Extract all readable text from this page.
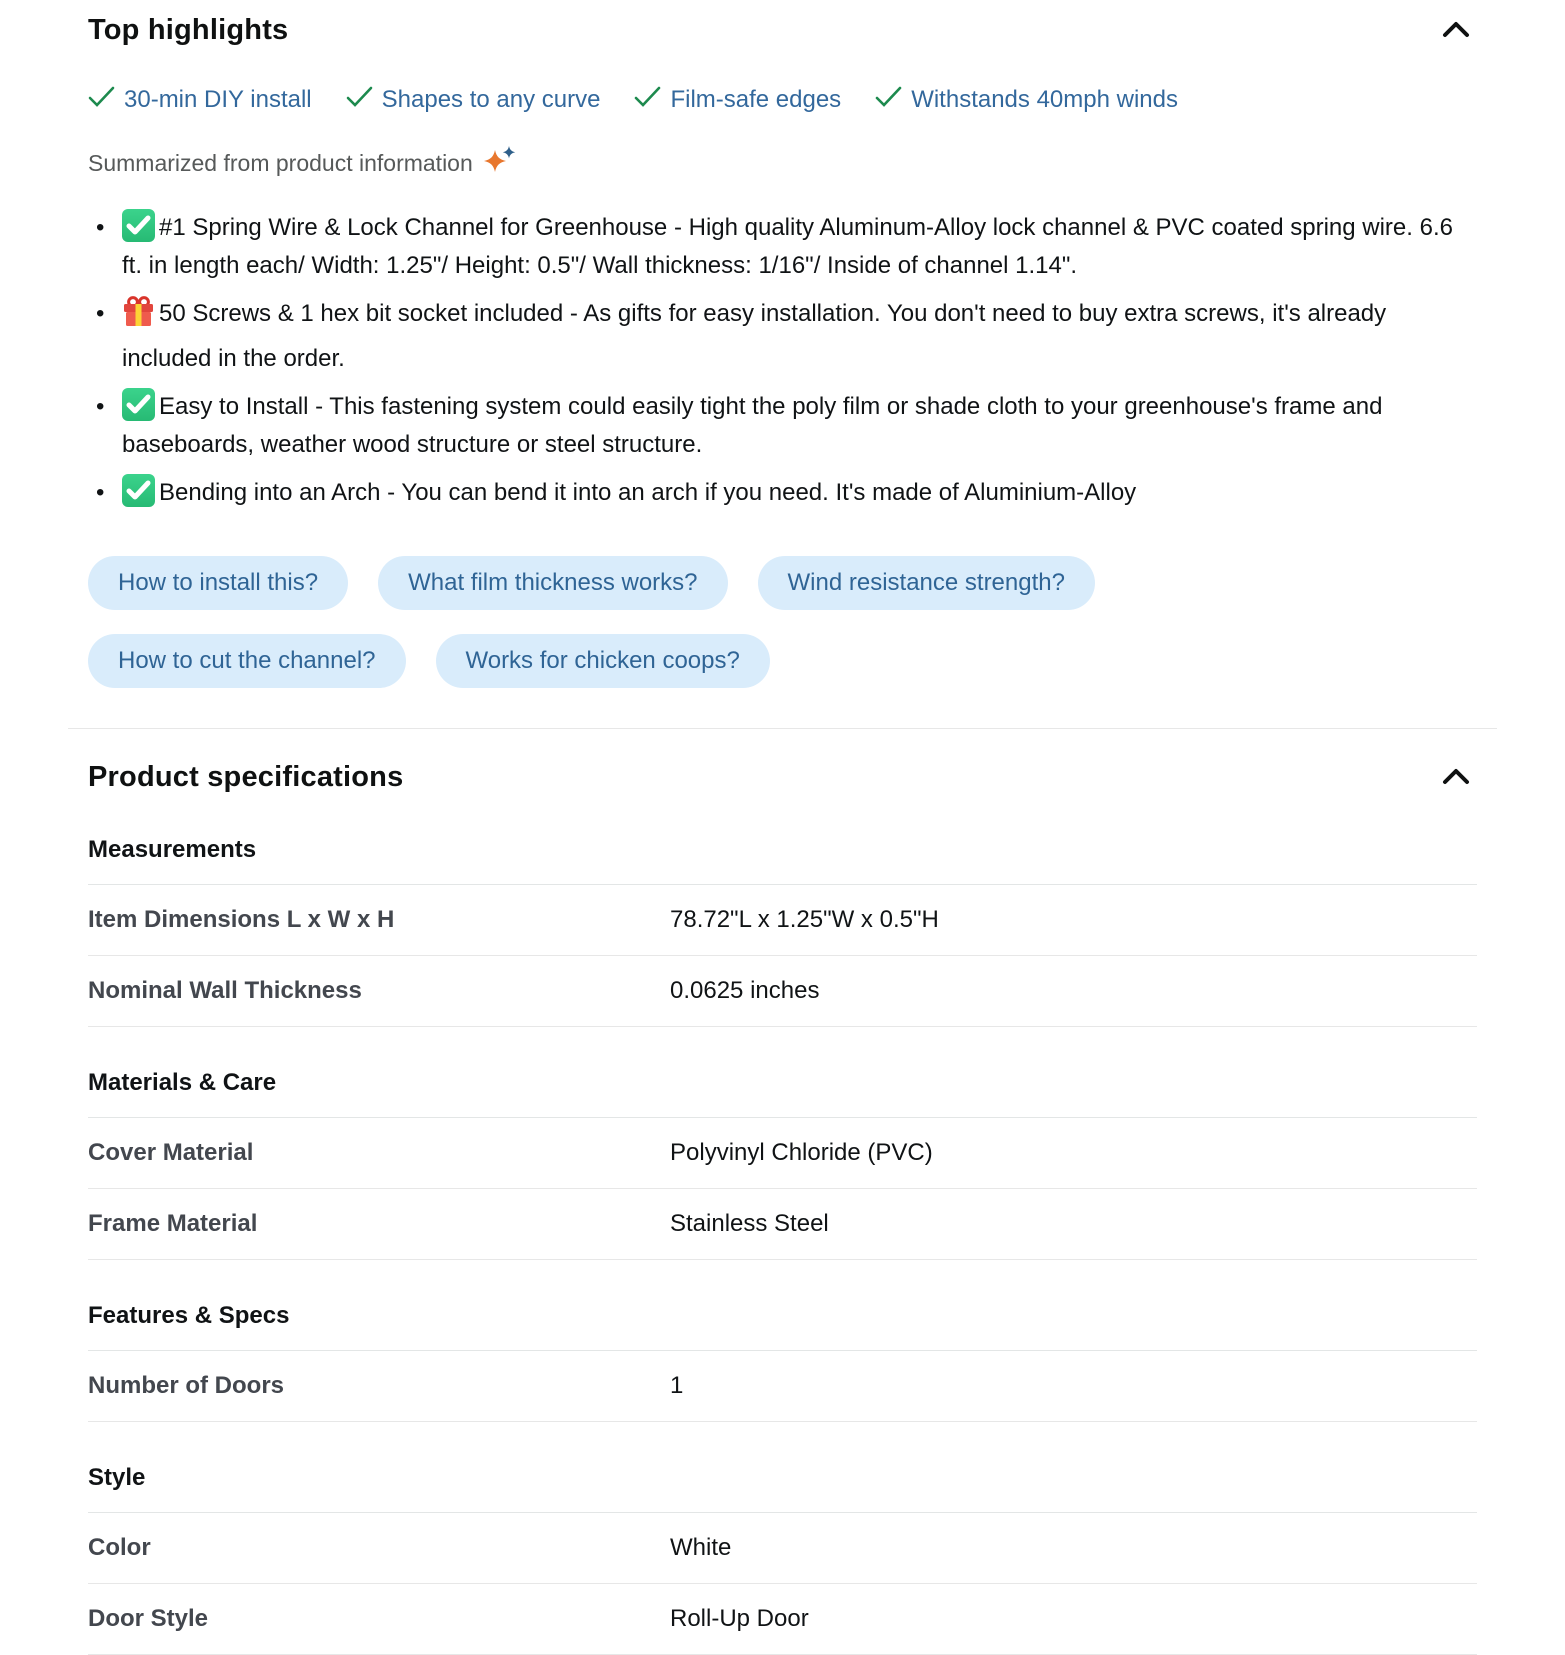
Top highlights
30-min DIY install	Shapes to any curve	Film-safe edges	Withstands 40mph winds
Summarized from product information
• #1 Spring Wire & Lock Channel for Greenhouse - High quality Aluminum-Alloy lock channel & PVC coated spring wire. 6.6 ft. in length each/ Width: 1.25"/ Height: 0.5"/ Wall thickness: 1/16"/ Inside of channel 1.14".
• 50 Screws & 1 hex bit socket included - As gifts for easy installation. You don't need to buy extra screws, it's already included in the order.
• Easy to Install - This fastening system could easily tight the poly film or shade cloth to your greenhouse's frame and baseboards, weather wood structure or steel structure.
• Bending into an Arch - You can bend it into an arch if you need. It's made of Aluminium-Alloy
How to install this?	What film thickness works?	Wind resistance strength?
How to cut the channel?	Works for chicken coops?
Product specifications
Measurements
Item Dimensions L x W x H	78.72"L x 1.25"W x 0.5"H
Nominal Wall Thickness	0.0625 inches
Materials & Care
Cover Material	Polyvinyl Chloride (PVC)
Frame Material	Stainless Steel
Features & Specs
Number of Doors	1
Style
Color	White
Door Style	Roll-Up Door
